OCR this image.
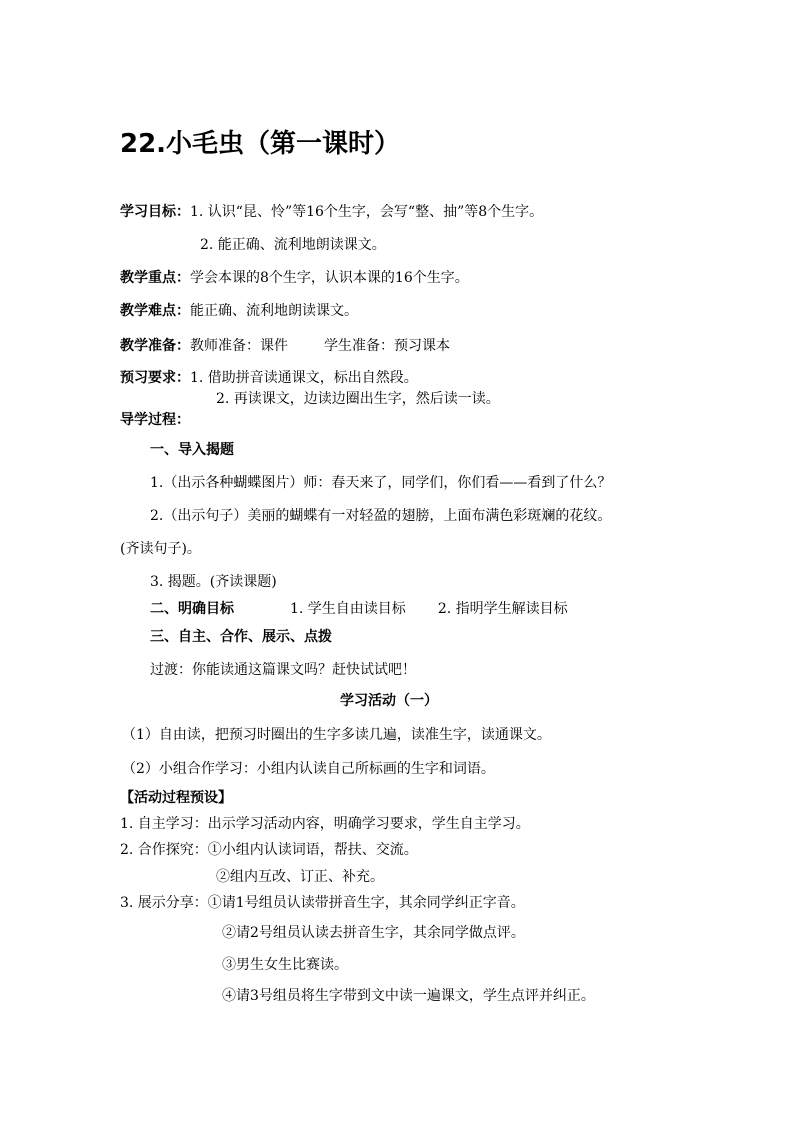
22.小毛虫（第一课时）
学习目标：1. 认识“昆、怜”等16个生字，会写“整、抽”等8个生字。
2. 能正确、流利地朗读课文。
教学重点：学会本课的8个生字，认识本课的16个生字。
教学难点：能正确、流利地朗读课文。
教学准备：教师准备：课件	学生准备：预习课本
预习要求：1. 借助拼音读通课文，标出自然段。
2. 再读课文，边读边圈出生字，然后读一读。
导学过程：
一、导入揭题
1.（出示各种蝴蝶图片）师：春天来了，同学们，你们看——看到了什么？
2.（出示句子）美丽的蝴蝶有一对轻盈的翅膀，上面布满色彩斑斓的花纹。
(齐读句子)。
3. 揭题。(齐读课题)
二、明确目标	1. 学生自由读目标 2. 指明学生解读目标
三、自主、合作、展示、点拨
过渡：你能读通这篇课文吗？赶快试试吧！
学习活动（一）
（1）自由读，把预习时圈出的生字多读几遍，读准生字，读通课文。
（2）小组合作学习：小组内认读自己所标画的生字和词语。
【活动过程预设】
1. 自主学习：出示学习活动内容，明确学习要求，学生自主学习。
2. 合作探究：①小组内认读词语，帮扶、交流。
②组内互改、订正、补充。
3. 展示分享：①请1号组员认读带拼音生字，其余同学纠正字音。
②请2号组员认读去拼音生字，其余同学做点评。
③男生女生比赛读。
④请3号组员将生字带到文中读一遍课文，学生点评并纠正。
